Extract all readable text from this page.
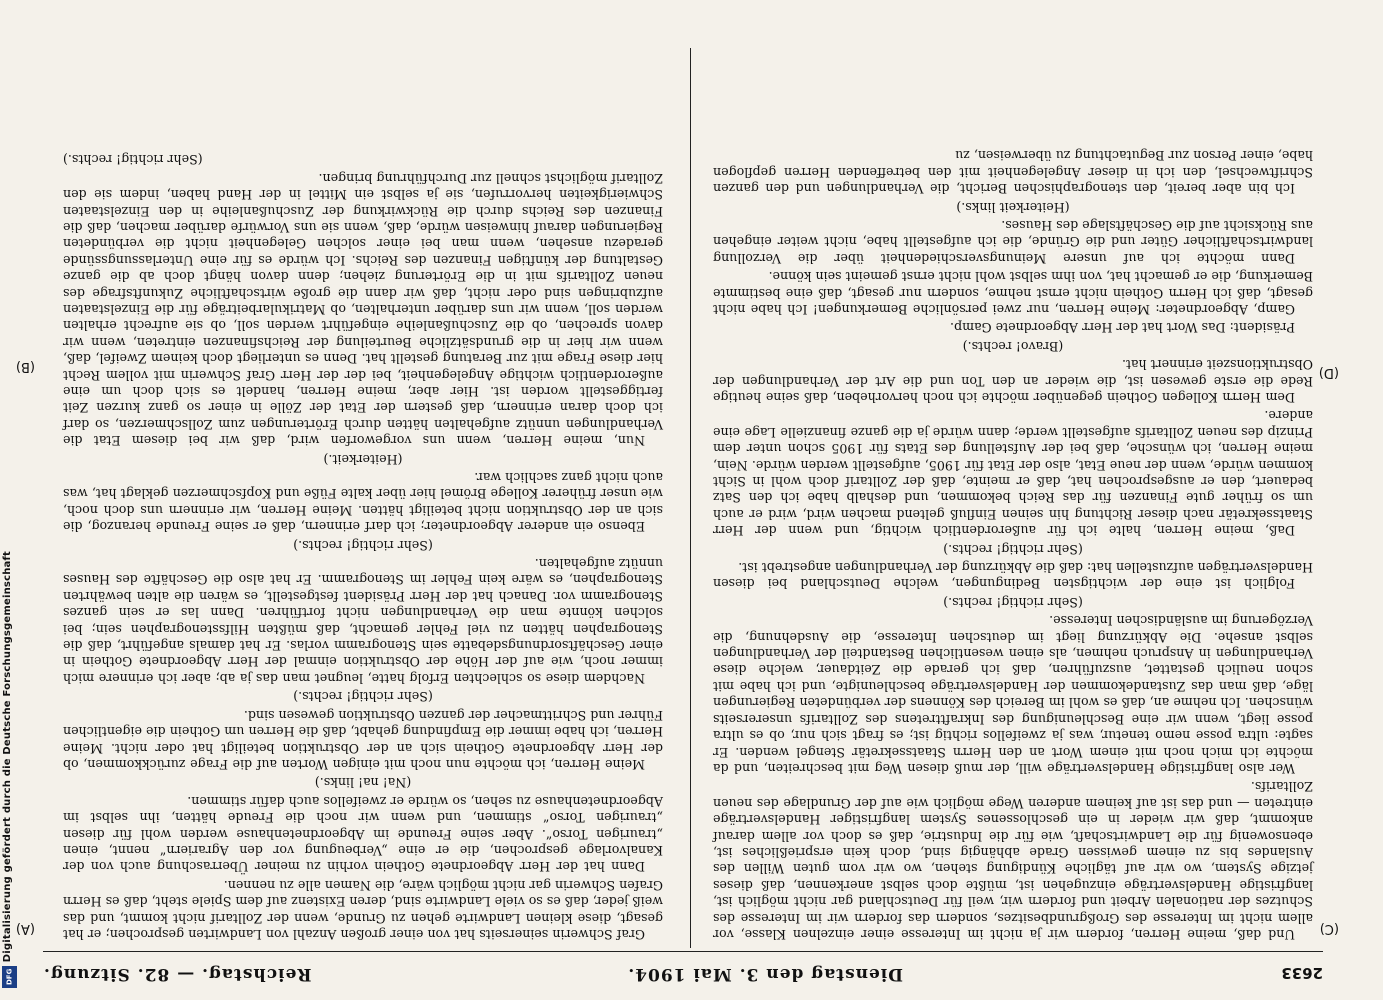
2633
Dienstag den 3. Mai 1904.
Reichstag. — 82. Sitzung.
(C)
(D)
(A)
(B)

Und daß, meine Herren, fordern wir ja nicht im Interesse einer einzelnen Klasse, vor allem nicht im Interesse des Großgrundbesitzes, sondern das fordern wir im Interesse des Schutzes der nationalen Arbeit und fordern wir, weil für Deutschland gar nicht möglich ist, langfristige Handelsverträge einzugehen ist, müßte doch selbst anerkennen, daß dieses jetzige System, wo wir auf tägliche Kündigung stehen, wo wir vom guten Willen des Auslandes bis zu einem gewissen Grade abhängig sind, doch kein ersprießliches ist, ebensowenig für die Landwirtschaft, wie für die Industrie, daß es doch vor allem darauf ankommt, daß wir wieder in ein geschlossenes System langfristiger Handelsverträge eintreten — und das ist auf keinem anderen Wege möglich wie auf der Grundlage des neuen Zolltarifs.

Wer also langfristige Handelsverträge will, der muß diesen Weg mit beschreiten, und da möchte ich mich noch mit einem Wort an den Herrn Staatssekretär Stengel wenden. Er sagte: ultra posse nemo tenetur, was ja zweifellos richtig ist; es fragt sich nur, ob es ultra posse liegt, wenn wir eine Beschleunigung des Inkrafttretens des Zolltarifs unsererseits wünschen. Ich nehme an, daß es wohl im Bereich des Könnens der verbündeten Regierungen läge, daß man das Zustandekommen der Handelsverträge beschleunigte, und ich habe mit schon neulich gestattet, auszuführen, daß ich gerade die Zeitdauer, welche diese Verhandlungen in Anspruch nehmen, als einen wesentlichen Bestandteil der Verhandlungen selbst ansehe. Die Abkürzung liegt im deutschen Interesse, die Ausdehnung, die Verzögerung im ausländischen Interesse.

(Sehr richtig! rechts.)

Folglich ist eine der wichtigsten Bedingungen, welche Deutschland bei diesen Handelsverträgen aufzustellen hat: daß die Abkürzung der Verhandlungen angestrebt ist.

(Sehr richtig! rechts.)

Daß, meine Herren, halte ich für außerordentlich wichtig, und wenn der Herr Staatssekretär nach dieser Richtung hin seinen Einfluß geltend machen wird, wird er auch um so früher gute Finanzen für das Reich bekommen, und deshalb habe ich den Satz bedauert, den er ausgesprochen hat, daß er meinte, daß der Zolltarif doch wohl in Sicht kommen würde, wenn der neue Etat, also der Etat für 1905, aufgestellt werden würde. Nein, meine Herren, ich wünsche, daß bei der Aufstellung des Etats für 1905 schon unter dem Prinzip des neuen Zolltarifs aufgestellt werde; dann würde ja die ganze finanzielle Lage eine andere.

Dem Herrn Kollegen Gothein gegenüber möchte ich noch hervorheben, daß seine heutige Rede die erste gewesen ist, die wieder an den Ton und die Art der Verhandlungen der Obstruktionszeit erinnert hat.

(Bravo! rechts.)

Präsident: Das Wort hat der Herr Abgeordnete Gamp.

Gamp, Abgeordneter: Meine Herren, nur zwei persönliche Bemerkungen! Ich habe nicht gesagt, daß ich Herrn Gothein nicht ernst nehme, sondern nur gesagt, daß eine bestimmte Bemerkung, die er gemacht hat, von ihm selbst wohl nicht ernst gemeint sein könne.

Dann möchte ich auf unsere Meinungsverschiedenheit über die Verzollung landwirtschaftlicher Güter und die Gründe, die ich aufgestellt habe, nicht weiter eingehen aus Rücksicht auf die Geschäftslage des Hauses.

(Heiterkeit links.)

Ich bin aber bereit, den stenographischen Bericht, die Verhandlungen und den ganzen Schriftwechsel, den ich in dieser Angelegenheit mit den betreffenden Herren gepflogen habe, einer Person zur Begutachtung zu überweisen, zu

Graf Schwerin seinerseits hat von einer großen Anzahl von Landwirten gesprochen; er hat gesagt, diese kleinen Landwirte gehen zu Grunde, wenn der Zolltarif nicht kommt, und das weiß jeder, daß es so viele Landwirte sind, deren Existenz auf dem Spiele steht, daß es Herrn Grafen Schwerin gar nicht möglich wäre, die Namen alle zu nennen.

Dann hat der Herr Abgeordnete Gothein vorhin zu meiner Überraschung auch von der Kanalvorlage gesprochen, die er eine „Verbeugung vor den Agrariern“ nennt, einen „traurigen Torso“. Aber seine Freunde im Abgeordnetenhause werden wohl für diesen „traurigen Torso“ stimmen, und wenn wir noch die Freude hätten, ihn selbst im Abgeordnetenhause zu sehen, so würde er zweifellos auch dafür stimmen.

(Na! na! links.)

Meine Herren, ich möchte nun noch mit einigen Worten auf die Frage zurückkommen, ob der Herr Abgeordnete Gothein sich an der Obstruktion beteiligt hat oder nicht. Meine Herren, ich habe immer die Empfindung gehabt, daß die Herren um Gothein die eigentlichen Führer und Schrittmacher der ganzen Obstruktion gewesen sind.

(Sehr richtig! rechts.)

Nachdem diese so schlechten Erfolg hatte, leugnet man das ja ab; aber ich erinnere mich immer noch, wie auf der Höhe der Obstruktion einmal der Herr Abgeordnete Gothein in einer Geschäftsordnungsdebatte sein Stenogramm vorlas. Er hat damals angeführt, daß die Stenographen hätten zu viel Fehler gemacht, daß müßten Hilfsstenographen sein; bei solchen könnte man die Verhandlungen nicht fortführen. Dann las er sein ganzes Stenogramm vor. Danach hat der Herr Präsident festgestellt, es wären die alten bewährten Stenographen, es wäre kein Fehler im Stenogramm. Er hat also die Geschäfte des Hauses unnütz aufgehalten.

(Sehr richtig! rechts.)

Ebenso ein anderer Abgeordneter; ich darf erinnern, daß er seine Freunde heranzog, die sich an der Obstruktion nicht beteiligt hätten. Meine Herren, wir erinnern uns doch noch, wie unser früherer Kollege Brömel hier über kalte Füße und Kopfschmerzen geklagt hat, was auch nicht ganz sachlich war.

(Heiterkeit.)

Nun, meine Herren, wenn uns vorgeworfen wird, daß wir bei diesem Etat die Verhandlungen unnütz aufgehalten hätten durch Erörterungen zum Zollschmerzen, so darf ich doch daran erinnern, daß gestern der Etat der Zölle in einer so ganz kurzen Zeit fertiggestellt worden ist. Hier aber, meine Herren, handelt es sich doch um eine außerordentlich wichtige Angelegenheit, bei der der Herr Graf Schwerin mit vollem Recht hier diese Frage mit zur Beratung gestellt hat. Denn es unterliegt doch keinem Zweifel, daß, wenn wir hier in die grundsätzliche Beurteilung der Reichsfinanzen eintreten, wenn wir davon sprechen, ob die Zuschußanleihe eingeführt werden soll, ob sie aufrecht erhalten werden soll, wenn wir uns darüber unterhalten, ob Matrikularbeiträge für die Einzelstaaten aufzubringen sind oder nicht, daß wir dann die große wirtschaftliche Zukunftsfrage des neuen Zolltarifs mit in die Erörterung ziehen; denn davon hängt doch ab die ganze Gestaltung der künftigen Finanzen des Reichs. Ich würde es für eine Unterlassungssünde geradezu ansehen, wenn man bei einer solchen Gelegenheit nicht die verbündeten Regierungen darauf hinweisen würde, daß, wenn sie uns Vorwürfe darüber machen, daß die Finanzen des Reichs durch die Rückwirkung der Zuschußanleihe in den Einzelstaaten Schwierigkeiten hervorrufen, sie ja selbst ein Mittel in der Hand haben, indem sie den Zolltarif möglichst schnell zur Durchführung bringen.

(Sehr richtig! rechts.)

Digitalisierung gefördert durch die Deutsche Forschungsgemeinschaft
DFG
